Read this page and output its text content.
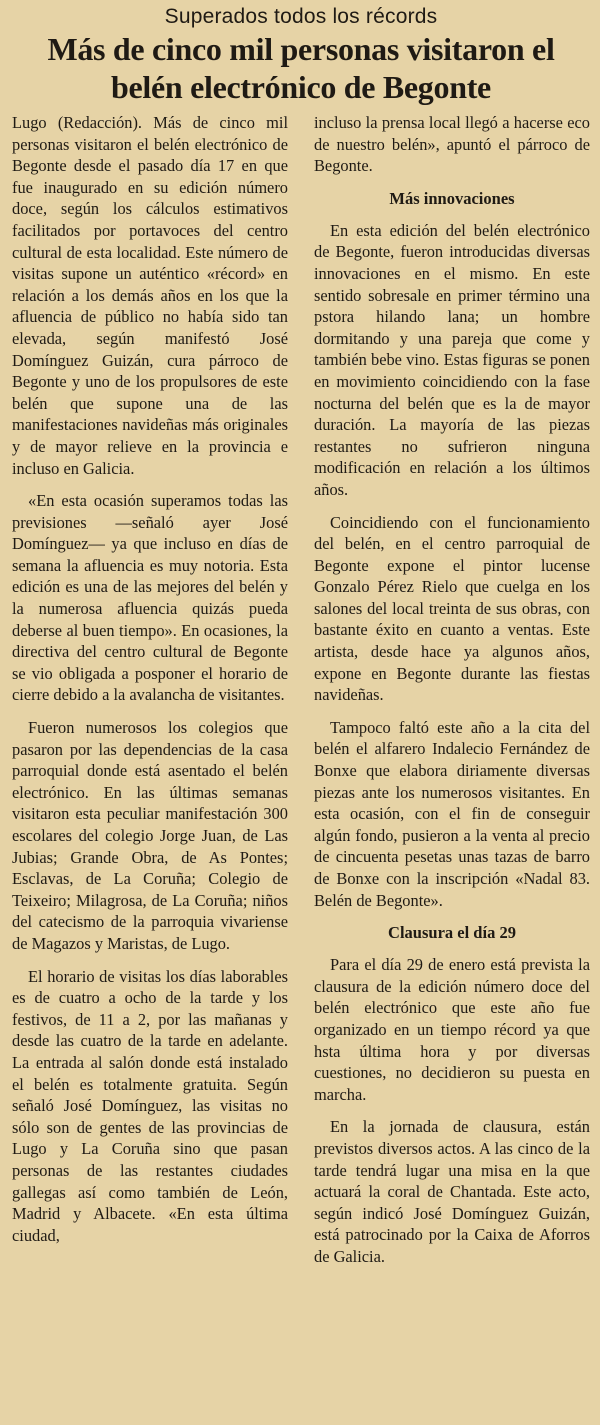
Superados todos los récords

Más de cinco mil personas visitaron el belén electrónico de Begonte

Lugo (Redacción). Más de cinco mil personas visitaron el belén electrónico de Begonte desde el pasado día 17 en que fue inaugurado en su edición número doce, según los cálculos estimativos facilitados por portavoces del centro cultural de esta localidad. Este número de visitas supone un auténtico «récord» en relación a los demás años en los que la afluencia de público no había sido tan elevada, según manifestó José Domínguez Guizán, cura párroco de Begonte y uno de los propulsores de este belén que supone una de las manifestaciones navideñas más originales y de mayor relieve en la provincia e incluso en Galicia.

«En esta ocasión superamos todas las previsiones —señaló ayer José Domínguez— ya que incluso en días de semana la afluencia es muy notoria. Esta edición es una de las mejores del belén y la numerosa afluencia quizás pueda deberse al buen tiempo». En ocasiones, la directiva del centro cultural de Begonte se vio obligada a posponer el horario de cierre debido a la avalancha de visitantes.

Fueron numerosos los colegios que pasaron por las dependencias de la casa parroquial donde está asentado el belén electrónico. En las últimas semanas visitaron esta peculiar manifestación 300 escolares del colegio Jorge Juan, de Las Jubias; Grande Obra, de As Pontes; Esclavas, de La Coruña; Colegio de Teixeiro; Milagrosa, de La Coruña; niños del catecismo de la parroquia vivariense de Magazos y Maristas, de Lugo.

El horario de visitas los días laborables es de cuatro a ocho de la tarde y los festivos, de 11 a 2, por las mañanas y desde las cuatro de la tarde en adelante. La entrada al salón donde está instalado el belén es totalmente gratuita. Según señaló José Domínguez, las visitas no sólo son de gentes de las provincias de Lugo y La Coruña sino que pasan personas de las restantes ciudades gallegas así como también de León, Madrid y Albacete. «En esta última ciudad,

incluso la prensa local llegó a hacerse eco de nuestro belén», apuntó el párroco de Begonte.

Más innovaciones

En esta edición del belén electrónico de Begonte, fueron introducidas diversas innovaciones en el mismo. En este sentido sobresale en primer término una pstora hilando lana; un hombre dormitando y una pareja que come y también bebe vino. Estas figuras se ponen en movimiento coincidiendo con la fase nocturna del belén que es la de mayor duración. La mayoría de las piezas restantes no sufrieron ninguna modificación en relación a los últimos años.

Coincidiendo con el funcionamiento del belén, en el centro parroquial de Begonte expone el pintor lucense Gonzalo Pérez Rielo que cuelga en los salones del local treinta de sus obras, con bastante éxito en cuanto a ventas. Este artista, desde hace ya algunos años, expone en Begonte durante las fiestas navideñas.

Tampoco faltó este año a la cita del belén el alfarero Indalecio Fernández de Bonxe que elabora diriamente diversas piezas ante los numerosos visitantes. En esta ocasión, con el fin de conseguir algún fondo, pusieron a la venta al precio de cincuenta pesetas unas tazas de barro de Bonxe con la inscripción «Nadal 83. Belén de Begonte».

Clausura el día 29

Para el día 29 de enero está prevista la clausura de la edición número doce del belén electrónico que este año fue organizado en un tiempo récord ya que hsta última hora y por diversas cuestiones, no decidieron su puesta en marcha.

En la jornada de clausura, están previstos diversos actos. A las cinco de la tarde tendrá lugar una misa en la que actuará la coral de Chantada. Este acto, según indicó José Domínguez Guizán, está patrocinado por la Caixa de Aforros de Galicia.
